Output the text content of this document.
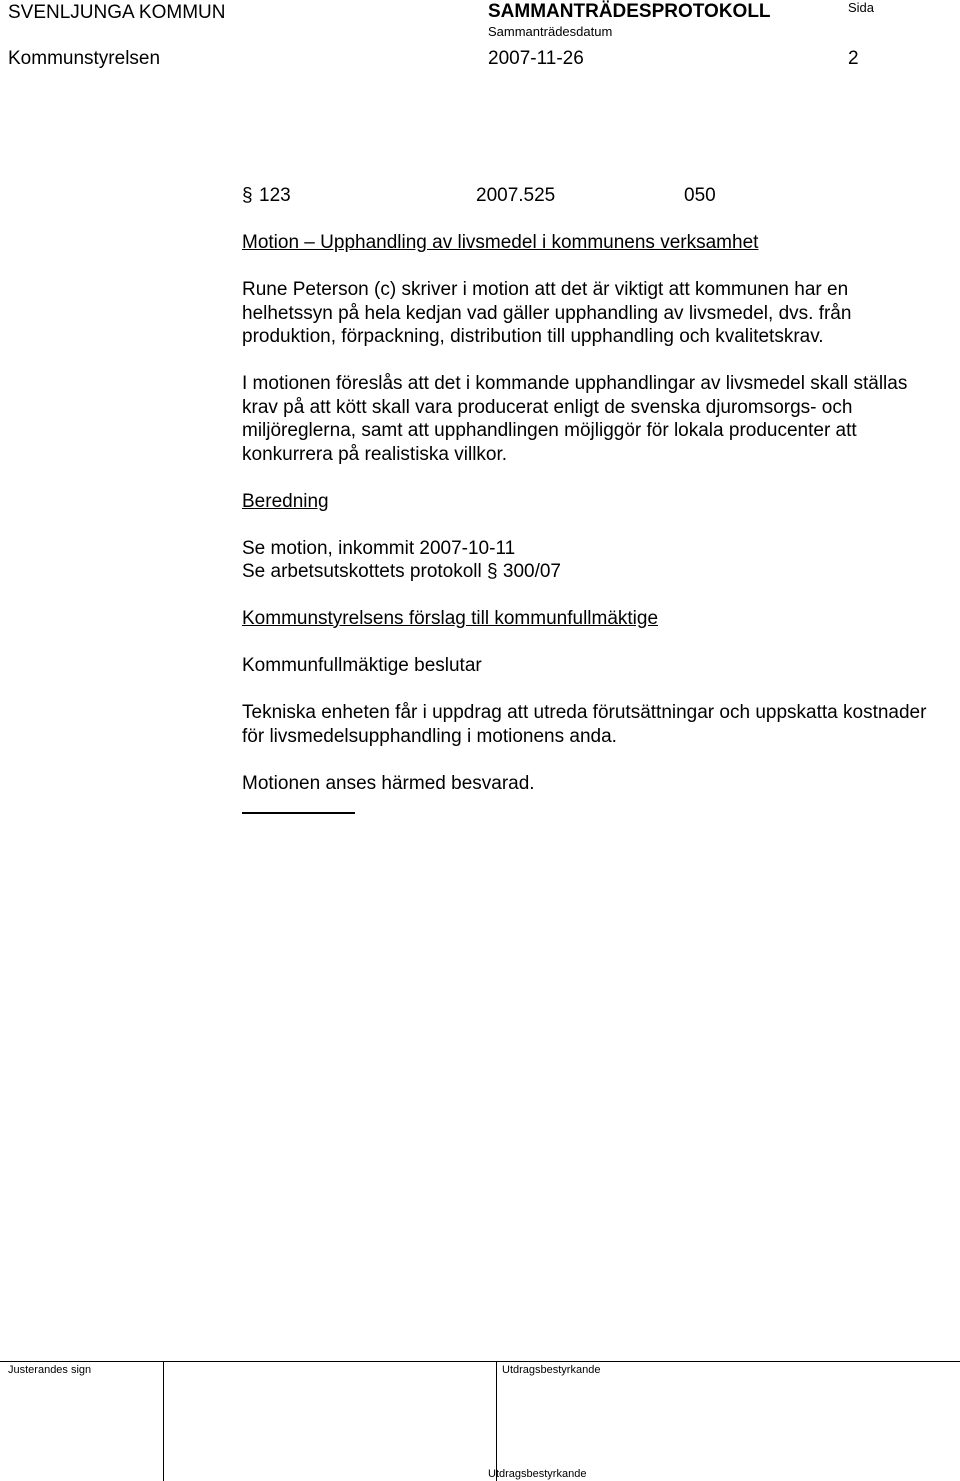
SVENLJUNGA KOMMUN	SAMMANTRÄDESPROTOKOLL	Sida
Sammanträdesdatum
Kommunstyrelsen	2007-11-26	2
§ 123	2007.525	050

Motion – Upphandling av livsmedel i kommunens verksamhet

Rune Peterson (c) skriver i motion att det är viktigt att kommunen har en helhetssyn på hela kedjan vad gäller upphandling av livsmedel, dvs. från produktion, förpackning, distribution till upphandling och kvalitetskrav.

I motionen föreslås att det i kommande upphandlingar av livsmedel skall ställas krav på att kött skall vara producerat enligt de svenska djuromsorgs- och miljöreglerna, samt att upphandlingen möjliggör för lokala producenter att konkurrera på realistiska villkor.

Beredning

Se motion, inkommit 2007-10-11

Se arbetsutskottets protokoll § 300/07

Kommunstyrelsens förslag till kommunfullmäktige

Kommunfullmäktige beslutar

Tekniska enheten får i uppdrag att utreda förutsättningar och uppskatta kostnader för livsmedelsupphandling i motionens anda.

Motionen anses härmed besvarad.

Justerandes sign	Utdragsbestyrkande
Utdragsbestyrkande
